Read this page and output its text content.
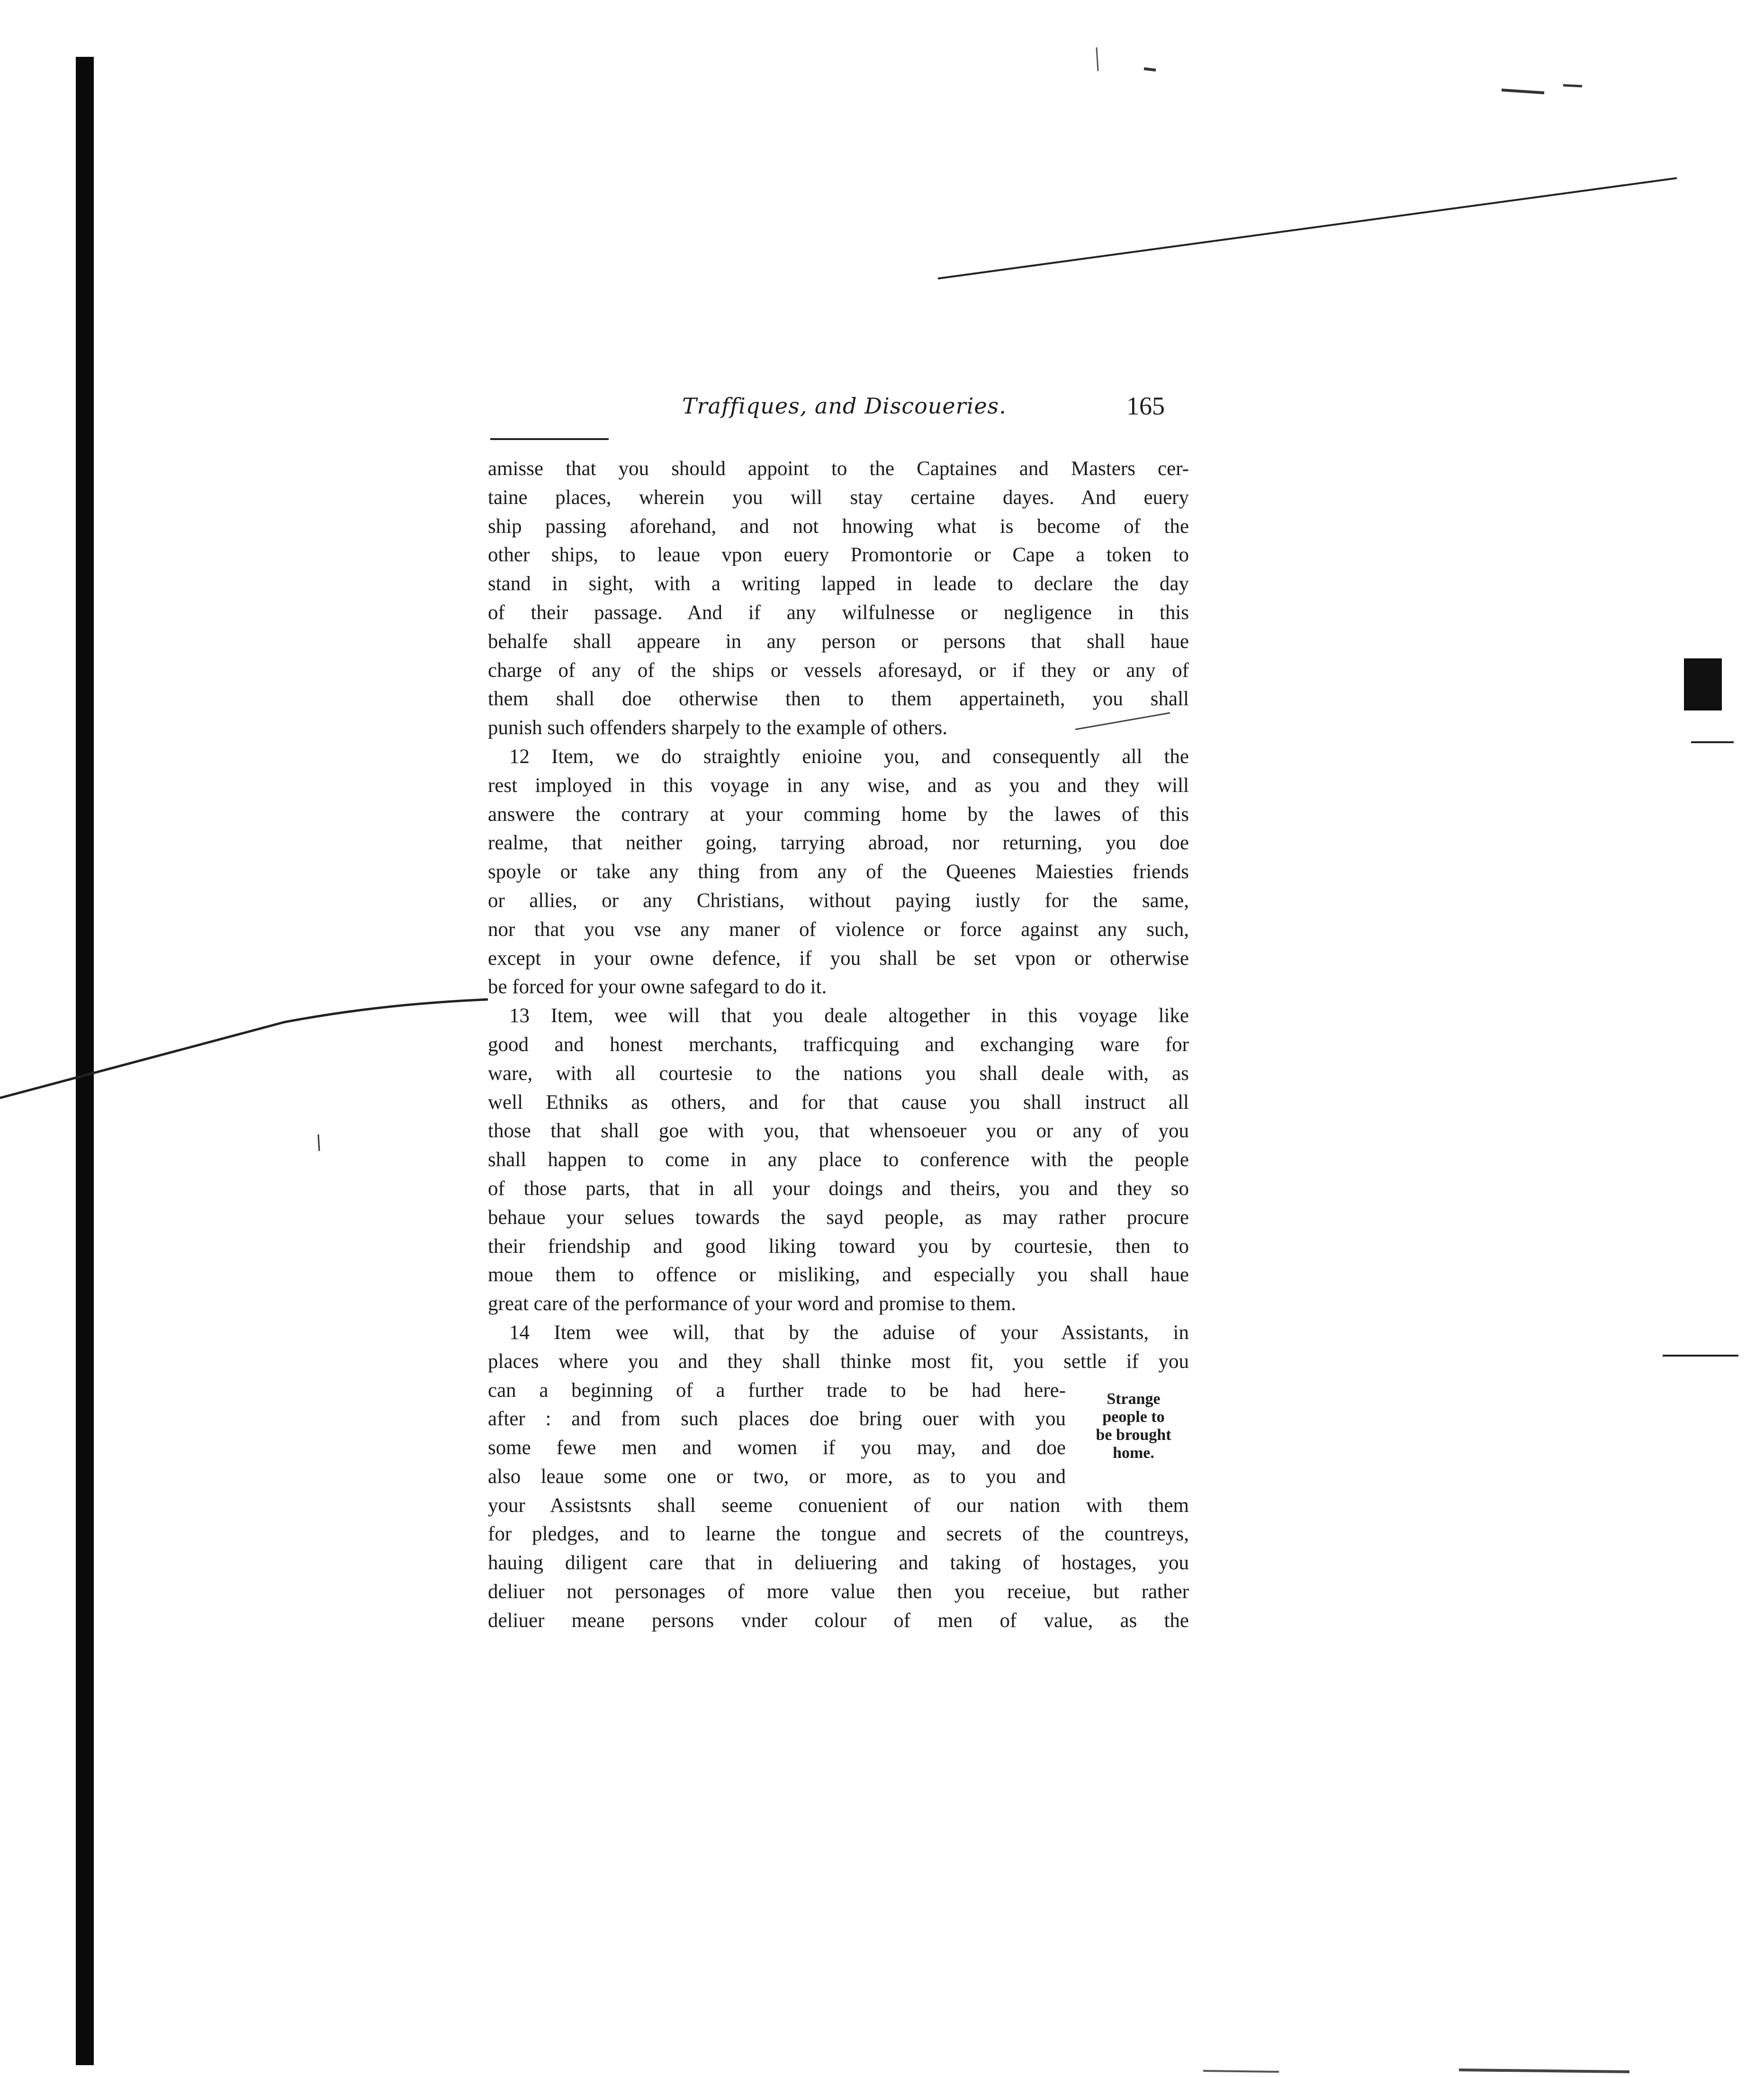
Traffiques, and Discoueries.	165
amisse that you should appoint to the Captaines and Masters cer-
taine places, wherein you will stay certaine dayes. And euery
ship passing aforehand, and not hnowing what is become of the
other ships, to leaue vpon euery Promontorie or Cape a token to
stand in sight, with a writing lapped in leade to declare the day
of their passage. And if any wilfulnesse or negligence in this
behalfe shall appeare in any person or persons that shall haue
charge of any of the ships or vessels aforesayd, or if they or any of
them shall doe otherwise then to them appertaineth, you shall
punish such offenders sharpely to the example of others.
12 Item, we do straightly enioine you, and consequently all the
rest imployed in this voyage in any wise, and as you and they will
answere the contrary at your comming home by the lawes of this
realme, that neither going, tarrying abroad, nor returning, you doe
spoyle or take any thing from any of the Queenes Maiesties friends
or allies, or any Christians, without paying iustly for the same,
nor that you vse any maner of violence or force against any such,
except in your owne defence, if you shall be set vpon or otherwise
be forced for your owne safegard to do it.
13 Item, wee will that you deale altogether in this voyage like
good and honest merchants, trafficquing and exchanging ware for
ware, with all courtesie to the nations you shall deale with, as
well Ethniks as others, and for that cause you shall instruct all
those that shall goe with you, that whensoeuer you or any of you
shall happen to come in any place to conference with the people
of those parts, that in all your doings and theirs, you and they so
behaue your selues towards the sayd people, as may rather procure
their friendship and good liking toward you by courtesie, then to
moue them to offence or misliking, and especially you shall haue
great care of the performance of your word and promise to them.
14 Item wee will, that by the aduise of your Assistants, in
places where you and they shall thinke most fit, you settle if you
can a beginning of a further trade to be had here-
after : and from such places doe bring ouer with you
some fewe men and women if you may, and doe
also leaue some one or two, or more, as to you and
your Assistsnts shall seeme conuenient of our nation with them
for pledges, and to learne the tongue and secrets of the countreys,
hauing diligent care that in deliuering and taking of hostages, you
deliuer not personages of more value then you receiue, but rather
deliuer meane persons vnder colour of men of value, as the
Strange
people to
be brought
home.
